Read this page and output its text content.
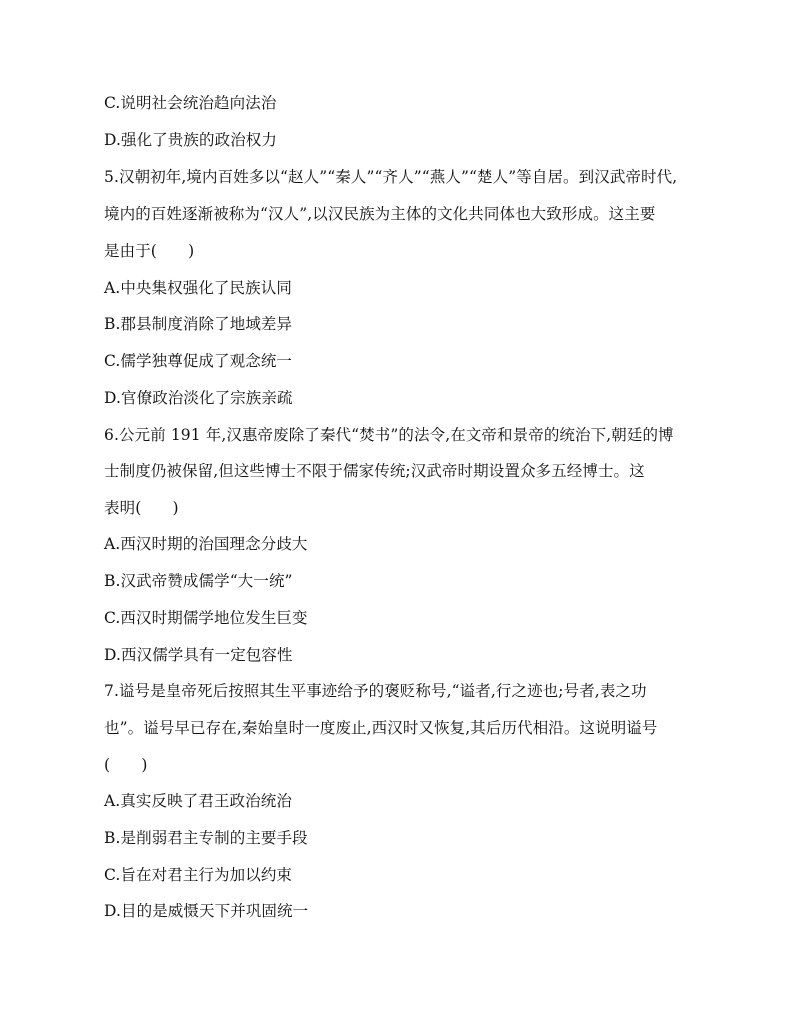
C.说明社会统治趋向法治
D.强化了贵族的政治权力
5.汉朝初年,境内百姓多以“赵人”“秦人”“齐人”“燕人”“楚人”等自居。到汉武帝时代,
境内的百姓逐渐被称为“汉人”,以汉民族为主体的文化共同体也大致形成。这主要
是由于(　　)
A.中央集权强化了民族认同
B.郡县制度消除了地域差异
C.儒学独尊促成了观念统一
D.官僚政治淡化了宗族亲疏
6.公元前 191 年,汉惠帝废除了秦代“焚书”的法令,在文帝和景帝的统治下,朝廷的博
士制度仍被保留,但这些博士不限于儒家传统;汉武帝时期设置众多五经博士。这
表明(　　)
A.西汉时期的治国理念分歧大
B.汉武帝赞成儒学“大一统”
C.西汉时期儒学地位发生巨变
D.西汉儒学具有一定包容性
7.谥号是皇帝死后按照其生平事迹给予的褒贬称号,“谥者,行之迹也;号者,表之功
也”。谥号早已存在,秦始皇时一度废止,西汉时又恢复,其后历代相沿。这说明谥号
(　　)
A.真实反映了君王政治统治
B.是削弱君主专制的主要手段
C.旨在对君主行为加以约束
D.目的是威慑天下并巩固统一
